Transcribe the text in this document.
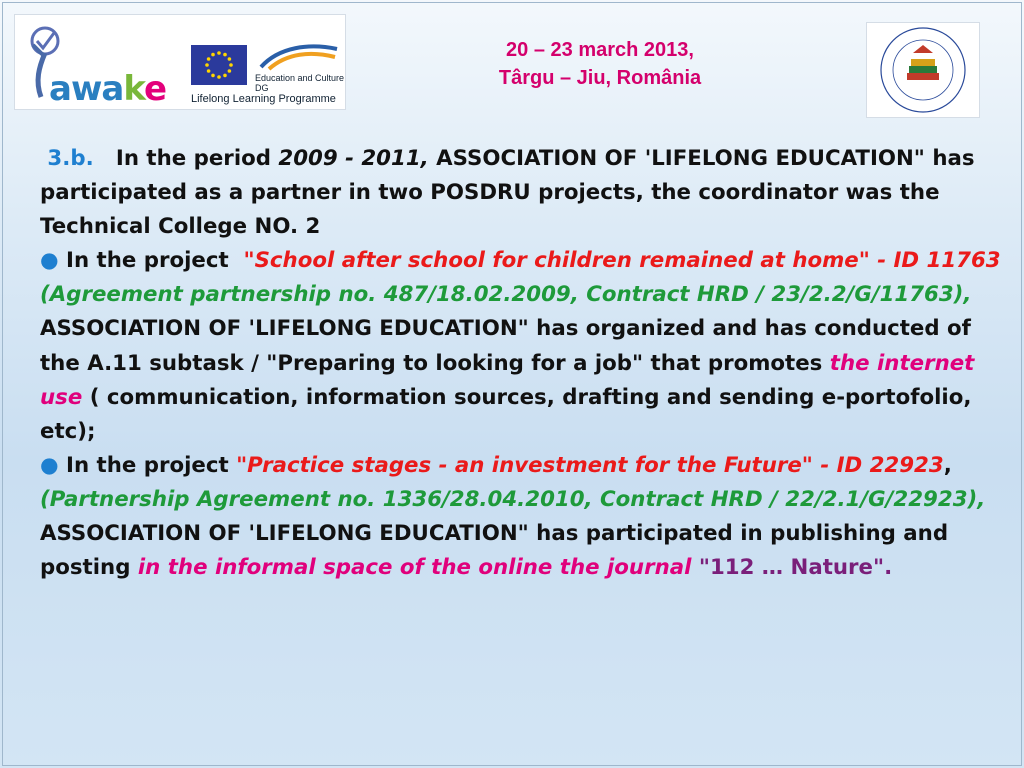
awake	Education and Culture DG
Lifelong Learning Programme
20 – 23 march 2013,
Târgu – Jiu, România

3.b. In the period 2009 - 2011, ASSOCIATION OF 'LIFELONG EDUCATION" has participated as a partner in two POSDRU projects, the coordinator was the Technical College NO. 2

● In the project "School after school for children remained at home" - ID 11763

(Agreement partnership no. 487/18.02.2009, Contract HRD / 23/2.2/G/11763), ASSOCIATION OF 'LIFELONG EDUCATION" has organized and has conducted of the A.11 subtask / "Preparing to looking for a job" that promotes the internet use ( communication, information sources, drafting and sending e-portofolio, etc);

● In the project "Practice stages - an investment for the Future" - ID 22923, (Partnership Agreement no. 1336/28.04.2010, Contract HRD / 22/2.1/G/22923), ASSOCIATION OF 'LIFELONG EDUCATION" has participated in publishing and posting in the informal space of the online the journal "112 … Nature".
